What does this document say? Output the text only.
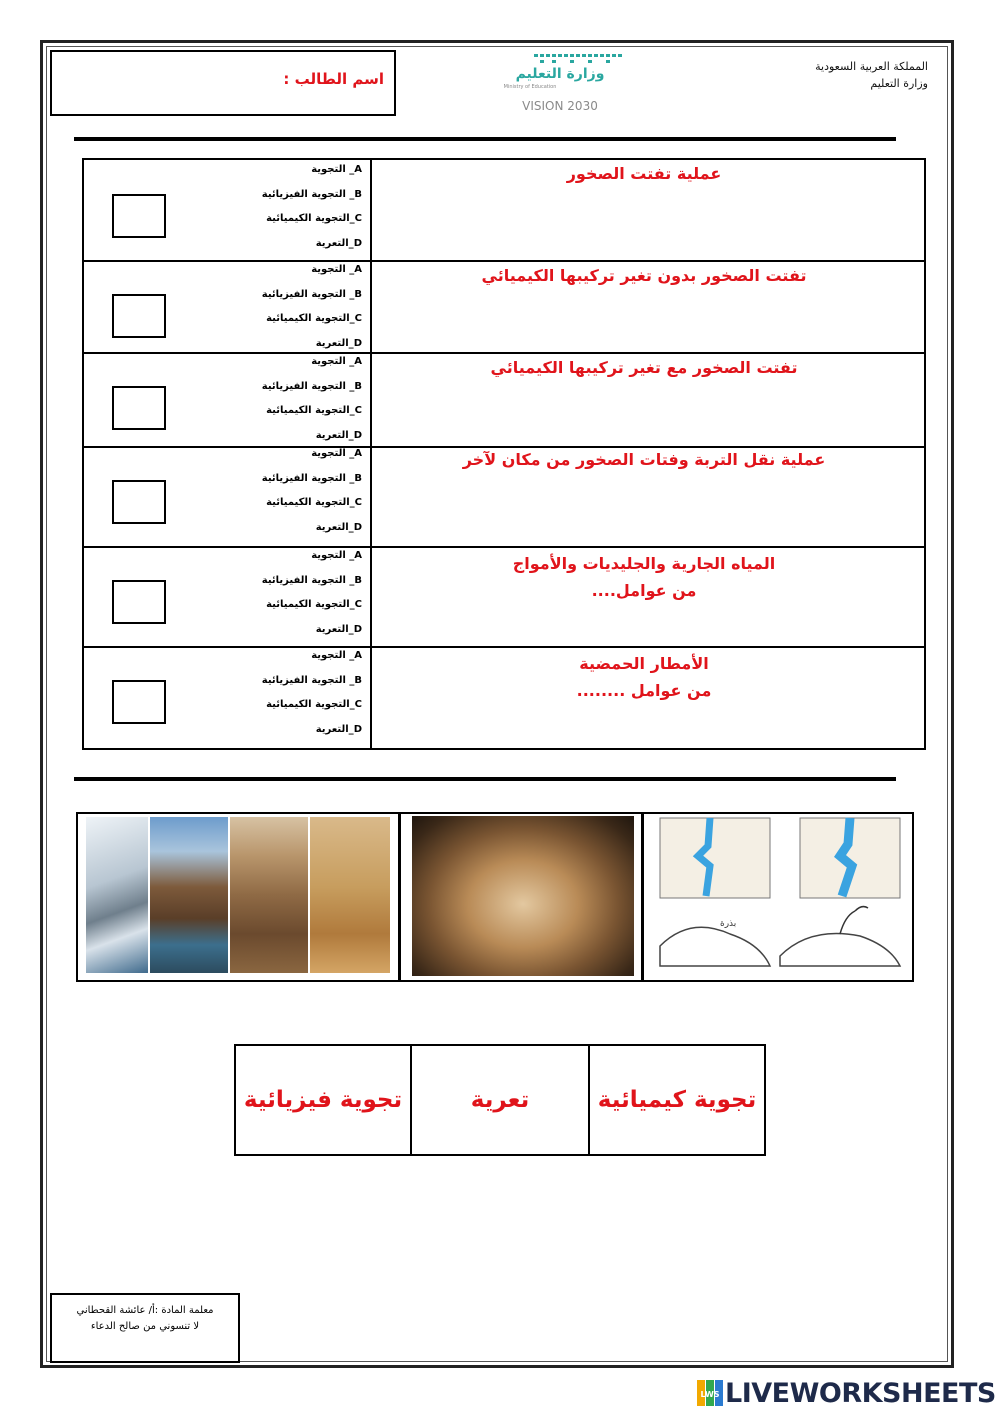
اسم الطالب :	وزارة التعليم
Ministry of Education
VISION 2030
المملكة العربية السعودية
وزارة التعليم
عملية تفتت الصخور
A_ التجوية
B_ التجوية الفيزيائية
C_التجوية الكيميائية
D_التعرية
تفتت الصخور بدون تغير تركيبها الكيميائي
A_ التجوية
B_ التجوية الفيزيائية
C_التجوية الكيميائية
D_التعرية
تفتت الصخور مع تغير تركيبها الكيميائي
A_ التجوية
B_ التجوية الفيزيائية
C_التجوية الكيميائية
D_التعرية
عملية نقل التربة وفتات الصخور من مكان لآخر
A_ التجوية
B_ التجوية الفيزيائية
C_التجوية الكيميائية
D_التعرية
المياه الجارية والجليديات والأمواج
من عوامل....
A_ التجوية
B_ التجوية الفيزيائية
C_التجوية الكيميائية
D_التعرية
الأمطار الحمضية
من عوامل ........
A_ التجوية
B_ التجوية الفيزيائية
C_التجوية الكيميائية
D_التعرية
بذرة
تجوية فيزيائية	تعرية	تجوية كيميائية
معلمة المادة :أ/ عائشة القحطاني
لا تنسوني من صالح الدعاء
LWS LIVEWORKSHEETS
